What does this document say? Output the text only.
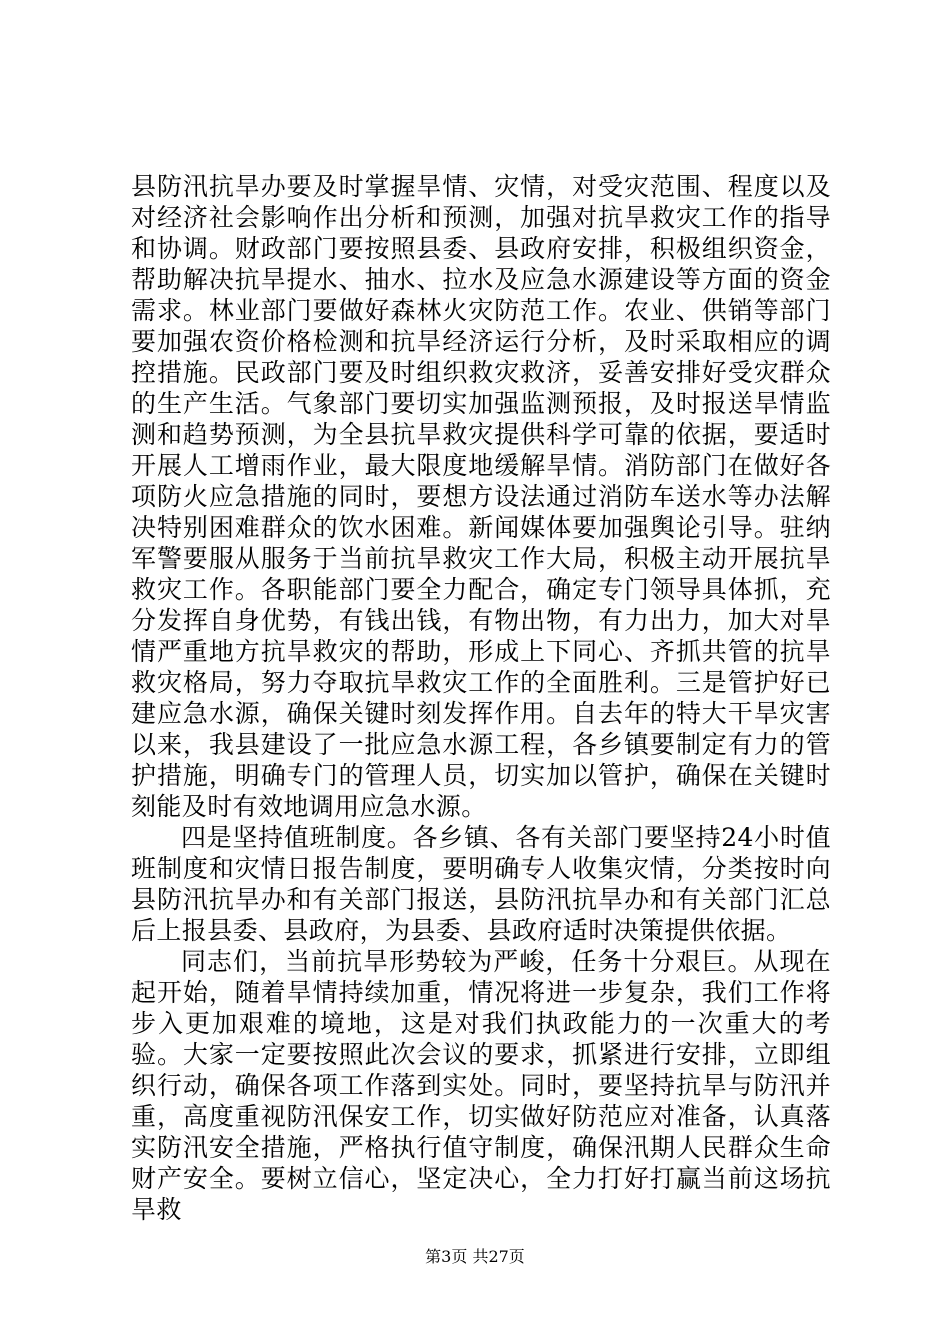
县防汛抗旱办要及时掌握旱情、灾情，对受灾范围、程度以及对经济社会影响作出分析和预测，加强对抗旱救灾工作的指导和协调。财政部门要按照县委、县政府安排，积极组织资金，帮助解决抗旱提水、抽水、拉水及应急水源建设等方面的资金需求。林业部门要做好森林火灾防范工作。农业、供销等部门要加强农资价格检测和抗旱经济运行分析，及时采取相应的调控措施。民政部门要及时组织救灾救济，妥善安排好受灾群众的生产生活。气象部门要切实加强监测预报，及时报送旱情监测和趋势预测，为全县抗旱救灾提供科学可靠的依据，要适时开展人工增雨作业，最大限度地缓解旱情。消防部门在做好各项防火应急措施的同时，要想方设法通过消防车送水等办法解决特别困难群众的饮水困难。新闻媒体要加强舆论引导。驻纳军警要服从服务于当前抗旱救灾工作大局，积极主动开展抗旱救灾工作。各职能部门要全力配合，确定专门领导具体抓，充分发挥自身优势，有钱出钱，有物出物，有力出力，加大对旱情严重地方抗旱救灾的帮助，形成上下同心、齐抓共管的抗旱救灾格局，努力夺取抗旱救灾工作的全面胜利。三是管护好已建应急水源，确保关键时刻发挥作用。自去年的特大干旱灾害以来，我县建设了一批应急水源工程，各乡镇要制定有力的管护措施，明确专门的管理人员，切实加以管护，确保在关键时刻能及时有效地调用应急水源。

四是坚持值班制度。各乡镇、各有关部门要坚持24小时值班制度和灾情日报告制度，要明确专人收集灾情，分类按时向县防汛抗旱办和有关部门报送，县防汛抗旱办和有关部门汇总后上报县委、县政府，为县委、县政府适时决策提供依据。

同志们，当前抗旱形势较为严峻，任务十分艰巨。从现在起开始，随着旱情持续加重，情况将进一步复杂，我们工作将步入更加艰难的境地，这是对我们执政能力的一次重大的考验。大家一定要按照此次会议的要求，抓紧进行安排，立即组织行动，确保各项工作落到实处。同时，要坚持抗旱与防汛并重，高度重视防汛保安工作，切实做好防范应对准备，认真落实防汛安全措施，严格执行值守制度，确保汛期人民群众生命财产安全。要树立信心，坚定决心，全力打好打赢当前这场抗旱救

第3页 共27页
